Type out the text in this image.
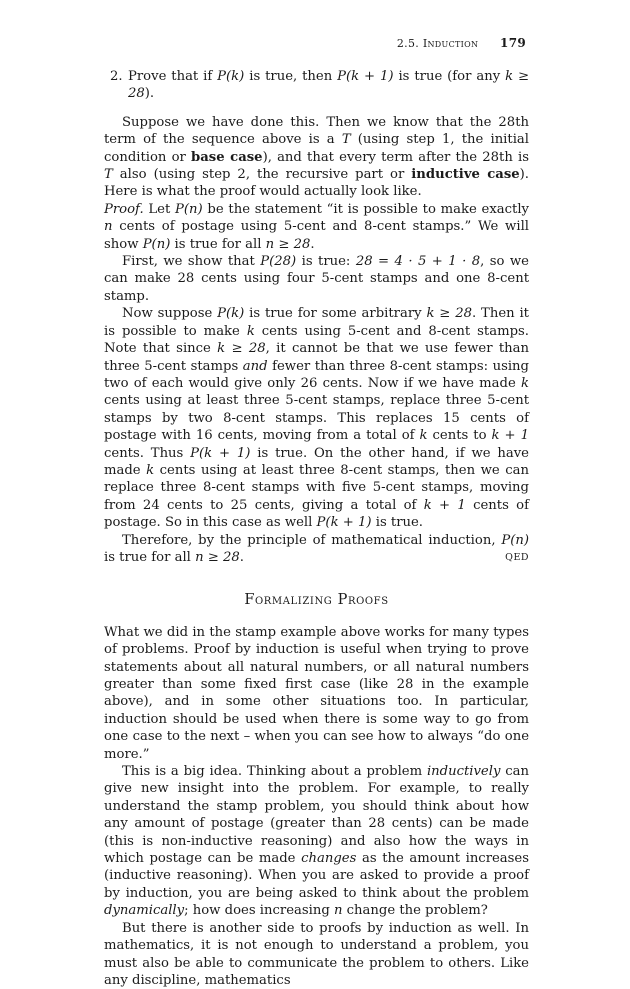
2.5. Induction 179
2. Prove that if P(k) is true, then P(k + 1) is true (for any k ≥ 28).

Suppose we have done this. Then we know that the 28th term of the sequence above is a T (using step 1, the initial condition or base case), and that every term after the 28th is T also (using step 2, the recursive part or inductive case). Here is what the proof would actually look like.

Proof. Let P(n) be the statement “it is possible to make exactly n cents of postage using 5-cent and 8-cent stamps.” We will show P(n) is true for all n ≥ 28.

First, we show that P(28) is true: 28 = 4 · 5 + 1 · 8, so we can make 28 cents using four 5-cent stamps and one 8-cent stamp.

Now suppose P(k) is true for some arbitrary k ≥ 28. Then it is possible to make k cents using 5-cent and 8-cent stamps. Note that since k ≥ 28, it cannot be that we use fewer than three 5-cent stamps and fewer than three 8-cent stamps: using two of each would give only 26 cents. Now if we have made k cents using at least three 5-cent stamps, replace three 5-cent stamps by two 8-cent stamps. This replaces 15 cents of postage with 16 cents, moving from a total of k cents to k + 1 cents. Thus P(k + 1) is true. On the other hand, if we have made k cents using at least three 8-cent stamps, then we can replace three 8-cent stamps with five 5-cent stamps, moving from 24 cents to 25 cents, giving a total of k + 1 cents of postage. So in this case as well P(k + 1) is true.

Therefore, by the principle of mathematical induction, P(n) is true for all n ≥ 28.	QED

Formalizing Proofs

What we did in the stamp example above works for many types of problems. Proof by induction is useful when trying to prove statements about all natural numbers, or all natural numbers greater than some fixed first case (like 28 in the example above), and in some other situations too. In particular, induction should be used when there is some way to go from one case to the next – when you can see how to always “do one more.”

This is a big idea. Thinking about a problem inductively can give new insight into the problem. For example, to really understand the stamp problem, you should think about how any amount of postage (greater than 28 cents) can be made (this is non-inductive reasoning) and also how the ways in which postage can be made changes as the amount increases (inductive reasoning). When you are asked to provide a proof by induction, you are being asked to think about the problem dynamically; how does increasing n change the problem?

But there is another side to proofs by induction as well. In mathematics, it is not enough to understand a problem, you must also be able to communicate the problem to others. Like any discipline, mathematics
